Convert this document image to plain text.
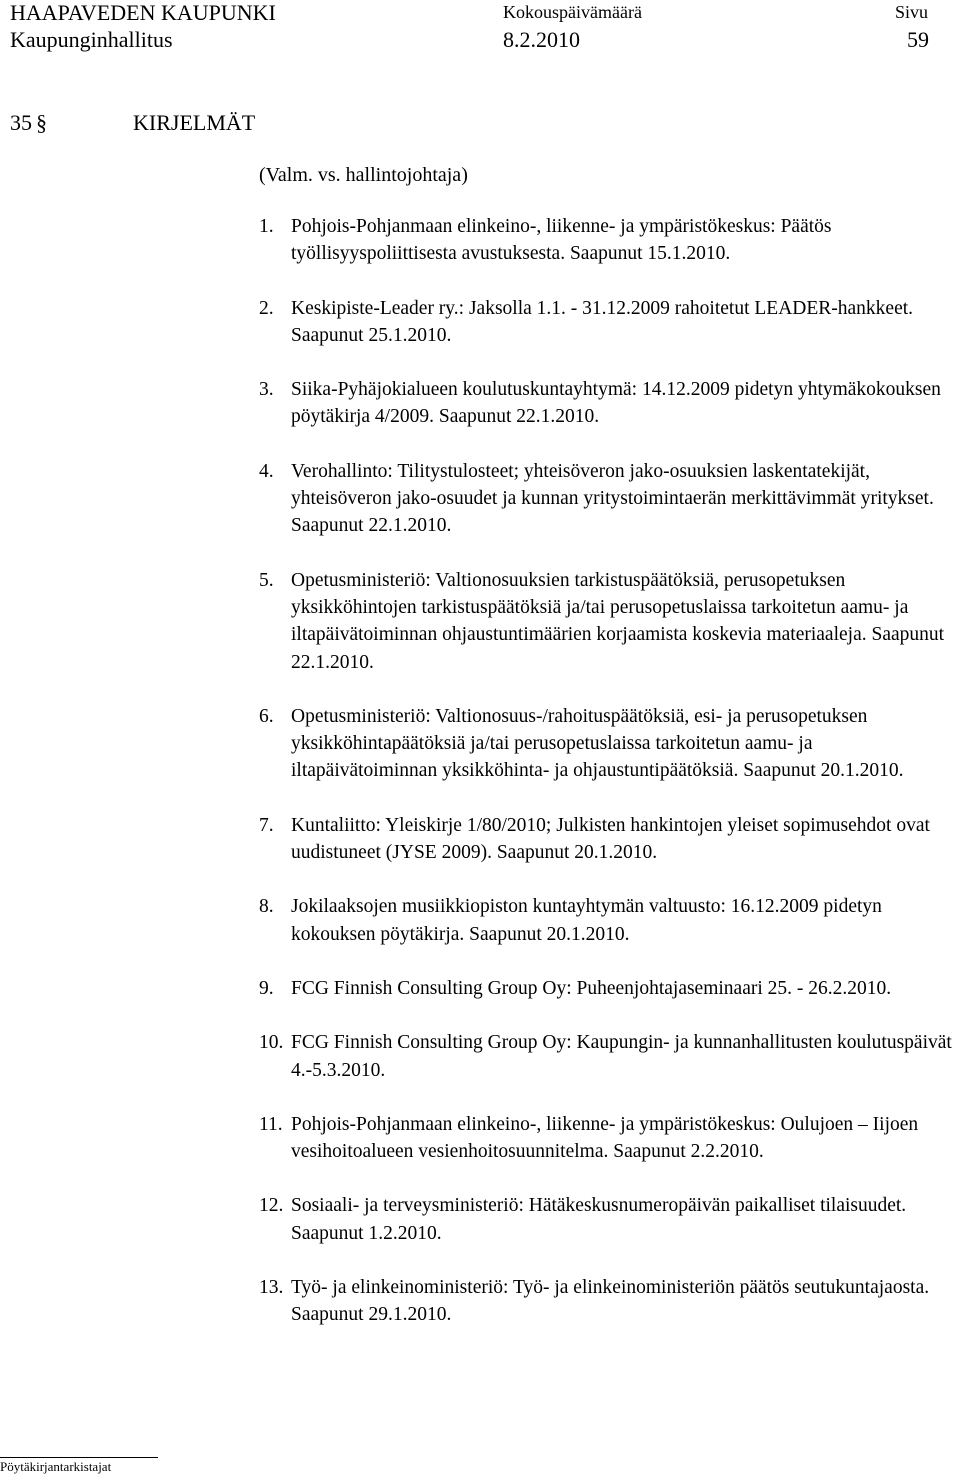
HAAPAVEDEN KAUPUNKI
Kaupunginhallitus
Kokouspäivämäärä
8.2.2010
Sivu
59
35 §	KIRJELMÄT
(Valm. vs. hallintojohtaja)
1. Pohjois-Pohjanmaan elinkeino-, liikenne- ja ympäristökeskus: Päätös työllisyyspoliittisesta avustuksesta. Saapunut 15.1.2010.
2. Keskipiste-Leader ry.: Jaksolla 1.1. - 31.12.2009 rahoitetut LEADER-hankkeet. Saapunut 25.1.2010.
3. Siika-Pyhäjokialueen koulutuskuntayhtymä: 14.12.2009 pidetyn yhtymäkokouksen pöytäkirja 4/2009. Saapunut 22.1.2010.
4. Verohallinto: Tilitystulosteet; yhteisöveron jako-osuuksien laskentatekijät, yhteisöveron jako-osuudet ja kunnan yritystoimintaerän merkittävimmät yritykset. Saapunut 22.1.2010.
5. Opetusministeriö: Valtionosuuksien tarkistuspäätöksiä, perusopetuksen yksikköhintojen tarkistuspäätöksiä ja/tai perusopetuslaissa tarkoitetun aamu- ja iltapäivätoiminnan ohjaustuntimäärien korjaamista koskevia materiaaleja. Saapunut 22.1.2010.
6. Opetusministeriö: Valtionosuus-/rahoituspäätöksiä, esi- ja perusopetuksen yksikköhintapäätöksiä ja/tai perusopetuslaissa tarkoitetun aamu- ja iltapäivätoiminnan yksikköhinta- ja ohjaustuntipäätöksiä. Saapunut 20.1.2010.
7. Kuntaliitto: Yleiskirje 1/80/2010; Julkisten hankintojen yleiset sopimusehdot ovat uudistuneet (JYSE 2009). Saapunut 20.1.2010.
8. Jokilaaksojen musiikkiopiston kuntayhtymän valtuusto: 16.12.2009 pidetyn kokouksen pöytäkirja. Saapunut 20.1.2010.
9. FCG Finnish Consulting Group Oy: Puheenjohtajaseminaari 25. - 26.2.2010.
10. FCG Finnish Consulting Group Oy: Kaupungin- ja kunnanhallitusten koulutuspäivät 4.-5.3.2010.
11. Pohjois-Pohjanmaan elinkeino-, liikenne- ja ympäristökeskus: Oulujoen – Iijoen vesihoitoalueen vesienhoitosuunnitelma. Saapunut 2.2.2010.
12. Sosiaali- ja terveysministeriö: Hätäkeskusnumeropäivän paikalliset tilaisuudet. Saapunut 1.2.2010.
13. Työ- ja elinkeinoministeriö: Työ- ja elinkeinoministeriön päätös seutukuntajaosta. Saapunut 29.1.2010.
Pöytäkirjantarkistajat
